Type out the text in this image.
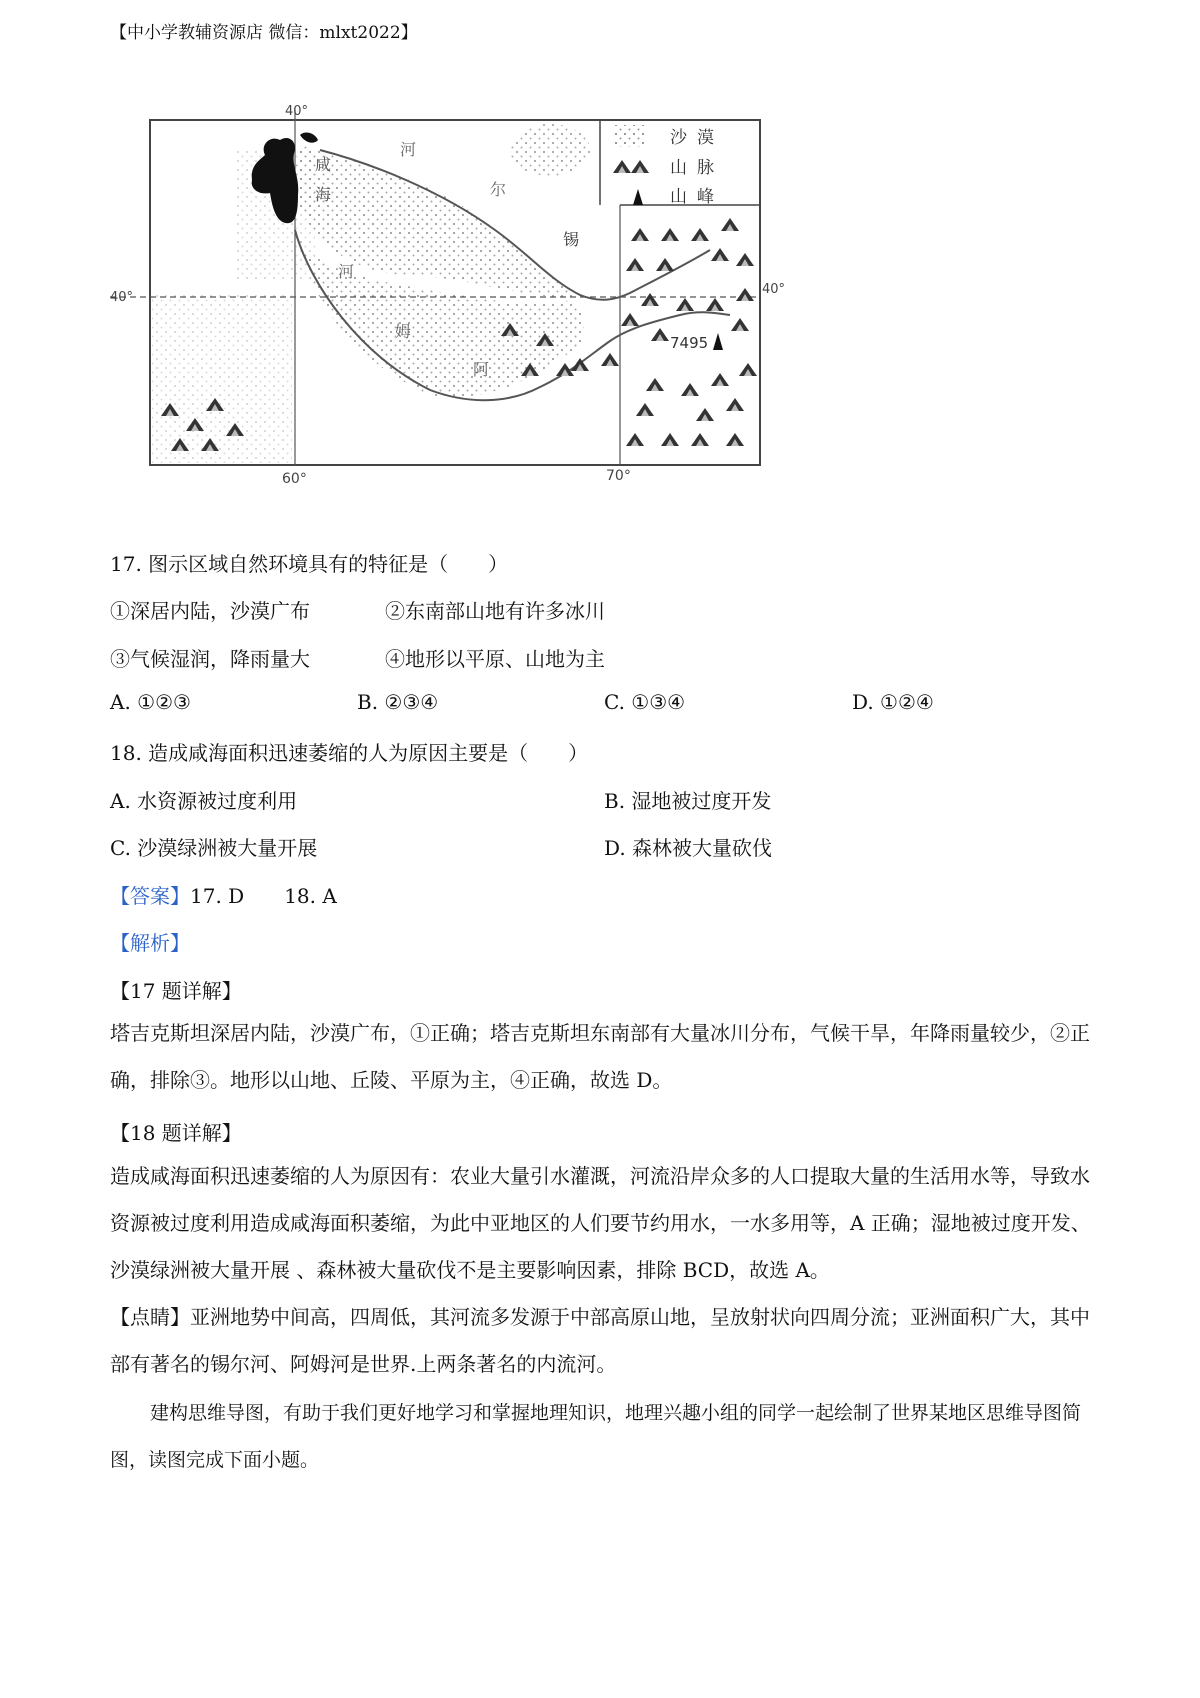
【中小学教辅资源店 微信：mlxt2022】
咸
海
河
尔
锡
河
姆
阿
7495
沙漠
山脉
山峰
40°
40°
40°
60°	70°
17. 图示区域自然环境具有的特征是（　　）
①深居内陆，沙漠广布	②东南部山地有许多冰川
③气候湿润，降雨量大	④地形以平原、山地为主
A. ①②③	B. ②③④	C. ①③④	D. ①②④
18. 造成咸海面积迅速萎缩的人为原因主要是（　　）
A. 水资源被过度利用	B. 湿地被过度开发
C. 沙漠绿洲被大量开展	D. 森林被大量砍伐
【答案】17. D　　18. A
【解析】
【17 题详解】

塔吉克斯坦深居内陆，沙漠广布，①正确；塔吉克斯坦东南部有大量冰川分布，气候干旱，年降雨量较少，②正确，排除③。地形以山地、丘陵、平原为主，④正确，故选 D。

【18 题详解】

造成咸海面积迅速萎缩的人为原因有：农业大量引水灌溉，河流沿岸众多的人口提取大量的生活用水等，导致水资源被过度利用造成咸海面积萎缩，为此中亚地区的人们要节约用水，一水多用等，A 正确；湿地被过度开发、 沙漠绿洲被大量开展 、森林被大量砍伐不是主要影响因素，排除 BCD，故选 A。

【点睛】亚洲地势中间高，四周低，其河流多发源于中部高原山地，呈放射状向四周分流；亚洲面积广大，其中部有著名的锡尔河、阿姆河是世界.上两条著名的内流河。

建构思维导图，有助于我们更好地学习和掌握地理知识，地理兴趣小组的同学一起绘制了世界某地区思维导图简图，读图完成下面小题。
